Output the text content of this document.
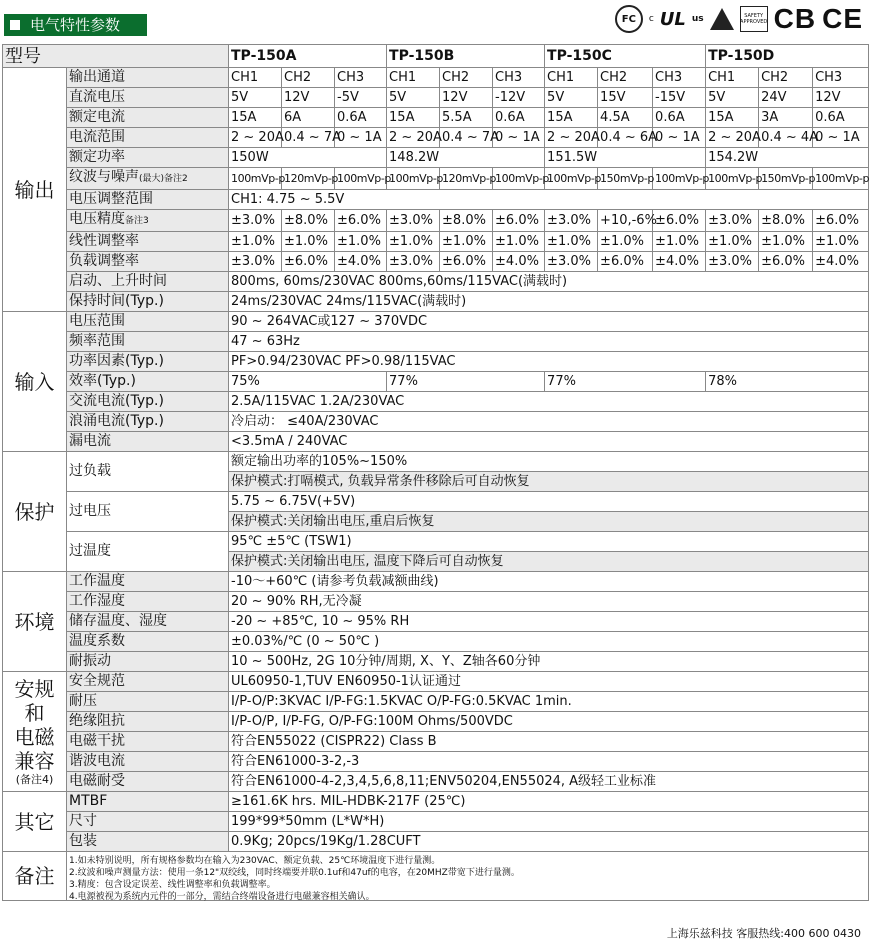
电气特性参数	FC	c UL us	SAFETY APPROVED CB CE
型号		TP-150A			TP-150B			TP-150C			TP-150D		
输出	输出通道	CH1	CH2	CH3	CH1	CH2	CH3	CH1	CH2	CH3	CH1	CH2	CH3
	直流电压	5V	12V	-5V	5V	12V	-12V	5V	15V	-15V	5V	24V	12V
	额定电流	15A	6A	0.6A	15A	5.5A	0.6A	15A	4.5A	0.6A	15A	3A	0.6A
	电流范围	2 ~ 20A	0.4 ~ 7A	0 ~ 1A	2 ~ 20A	0.4 ~ 7A	0 ~ 1A	2 ~ 20A	0.4 ~ 6A	0 ~ 1A	2 ~ 20A	0.4 ~ 4A	0 ~ 1A
	额定功率	150W			148.2W			151.5W			154.2W		
	纹波与噪声(最大)备注2	100mVp-p	120mVp-p	100mVp-p	100mVp-p	120mVp-p	100mVp-p	100mVp-p	150mVp-p	100mVp-p	100mVp-p	150mVp-p	100mVp-p
	电压调整范围	CH1: 4.75 ~ 5.5V											
	电压精度备注3	±3.0%	±8.0%	±6.0%	±3.0%	±8.0%	±6.0%	±3.0%	+10,-6%	±6.0%	±3.0%	±8.0%	±6.0%
	线性调整率	±1.0%	±1.0%	±1.0%	±1.0%	±1.0%	±1.0%	±1.0%	±1.0%	±1.0%	±1.0%	±1.0%	±1.0%
	负载调整率	±3.0%	±6.0%	±4.0%	±3.0%	±6.0%	±4.0%	±3.0%	±6.0%	±4.0%	±3.0%	±6.0%	±4.0%
	启动、上升时间	800ms, 60ms/230VAC 800ms,60ms/115VAC(满载时)											
	保持时间(Typ.)	24ms/230VAC 24ms/115VAC(满载时)											
输入	电压范围	90 ~ 264VAC或127 ~ 370VDC											
	频率范围	47 ~ 63Hz											
	功率因素(Typ.)	PF>0.94/230VAC PF>0.98/115VAC											
	效率(Typ.)	75%			77%			77%			78%		
	交流电流(Typ.)	2.5A/115VAC 1.2A/230VAC											
	浪涌电流(Typ.)	冷启动： ≤40A/230VAC											
	漏电流	<3.5mA / 240VAC											
保护	过负载	额定输出功率的105%~150%											
		保护模式:打嗝模式, 负载异常条件移除后可自动恢复											
	过电压	5.75 ~ 6.75V(+5V)											
		保护模式:关闭输出电压,重启后恢复											
	过温度	95℃ ±5℃ (TSW1)											
		保护模式:关闭输出电压, 温度下降后可自动恢复											
环境	工作温度	-10～+60℃ (请参考负载减额曲线)											
	工作湿度	20 ~ 90% RH,无冷凝											
	储存温度、湿度	-20 ~ +85℃, 10 ~ 95% RH											
	温度系数	±0.03%/℃ (0 ~ 50℃ )											
	耐振动	10 ~ 500Hz, 2G 10分钟/周期, X、Y、Z轴各60分钟											

安规
和
电磁
兼容
(备注4)	安全规范	UL60950-1,TUV EN60950-1认证通过											
	耐压	I/P-O/P:3KVAC I/P-FG:1.5KVAC O/P-FG:0.5KVAC 1min.											
	绝缘阻抗	I/P-O/P, I/P-FG, O/P-FG:100M Ohms/500VDC											
	电磁干扰	符合EN55022 (CISPR22) Class B											
	谐波电流	符合EN61000-3-2,-3											
	电磁耐受	符合EN61000-4-2,3,4,5,6,8,11;ENV50204,EN55024, A级轻工业标准											
其它	MTBF	≥161.6K hrs. MIL-HDBK-217F (25℃)											
	尺寸	199*99*50mm (L*W*H)											
	包装	0.9Kg; 20pcs/19Kg/1.28CUFT											
备注	1.如未特别说明，所有规格参数均在输入为230VAC、额定负载、25℃环境温度下进行量测。
2.纹波和噪声测量方法：使用一条12"双绞线，同时终端要并联0.1uf和47uf的电容，在20MHZ带宽下进行量测。
3.精度：包含设定误差、线性调整率和负载调整率。
4.电源被视为系统内元件的一部分，需结合终端设备进行电磁兼容相关确认。												
上海乐兹科技 客服热线:400 600 0430
